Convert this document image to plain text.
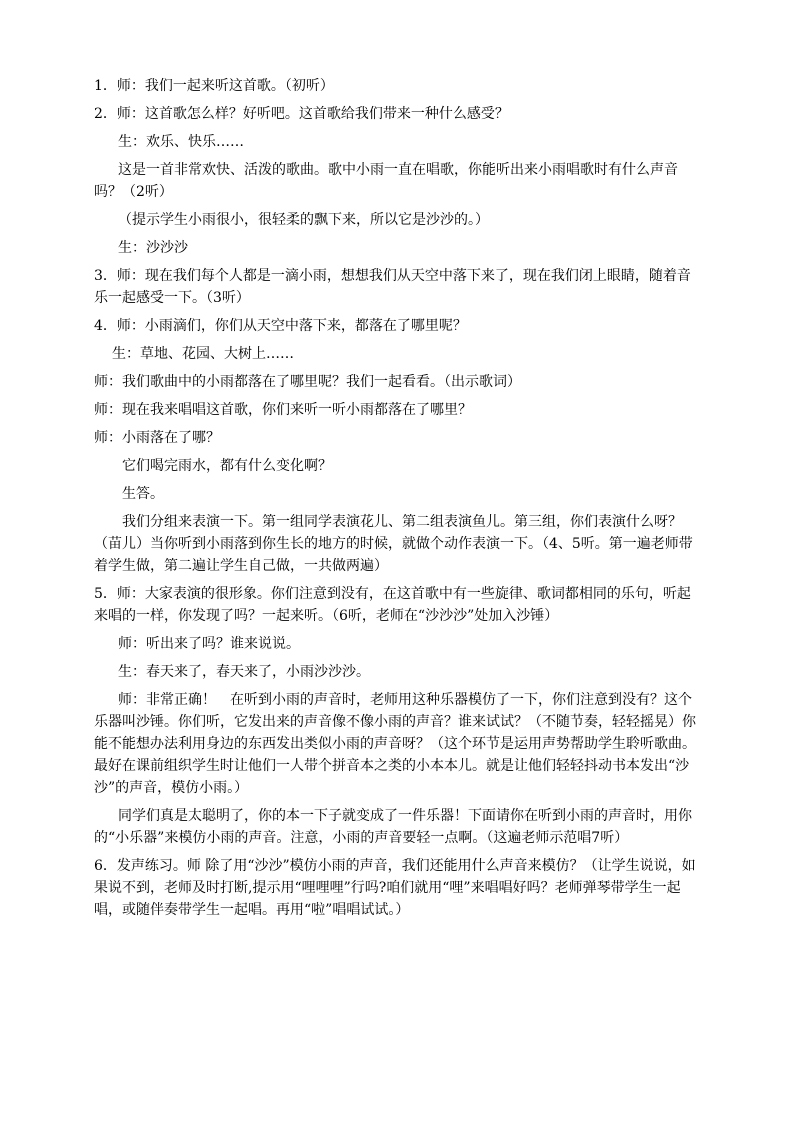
1．师：我们一起来听这首歌。（初听）

2．师：这首歌怎么样？好听吧。这首歌给我们带来一种什么感受？

生：欢乐、快乐……

这是一首非常欢快、活泼的歌曲。歌中小雨一直在唱歌，你能听出来小雨唱歌时有什么声音吗？（2听）

（提示学生小雨很小，很轻柔的飘下来，所以它是沙沙的。）

生：沙沙沙

3．师：现在我们每个人都是一滴小雨，想想我们从天空中落下来了，现在我们闭上眼睛，随着音乐一起感受一下。（3听）

4．师：小雨滴们，你们从天空中落下来，都落在了哪里呢？

生：草地、花园、大树上……

师：我们歌曲中的小雨都落在了哪里呢？我们一起看看。（出示歌词）

师：现在我来唱唱这首歌，你们来听一听小雨都落在了哪里？

师：小雨落在了哪？

它们喝完雨水，都有什么变化啊？

生答。

我们分组来表演一下。第一组同学表演花儿、第二组表演鱼儿。第三组，你们表演什么呀？（苗儿）当你听到小雨落到你生长的地方的时候，就做个动作表演一下。（4、5听。第一遍老师带着学生做，第二遍让学生自己做，一共做两遍）

5．师：大家表演的很形象。你们注意到没有，在这首歌中有一些旋律、歌词都相同的乐句，听起来唱的一样，你发现了吗？一起来听。（6听，老师在“沙沙沙”处加入沙锤）

师：听出来了吗？谁来说说。

生：春天来了，春天来了，小雨沙沙沙。

师：非常正确！　在听到小雨的声音时，老师用这种乐器模仿了一下，你们注意到没有？这个乐器叫沙锤。你们听，它发出来的声音像不像小雨的声音？谁来试试？（不随节奏，轻轻摇晃）你能不能想办法利用身边的东西发出类似小雨的声音呀？（这个环节是运用声势帮助学生聆听歌曲。最好在课前组织学生时让他们一人带个拼音本之类的小本本儿。就是让他们轻轻抖动书本发出“沙沙”的声音，模仿小雨。）

同学们真是太聪明了，你的本一下子就变成了一件乐器！下面请你在听到小雨的声音时，用你的“小乐器”来模仿小雨的声音。注意，小雨的声音要轻一点啊。（这遍老师示范唱7听）

6．发声练习。师 除了用“沙沙”模仿小雨的声音，我们还能用什么声音来模仿？（让学生说说，如果说不到，老师及时打断,提示用“哩哩哩”行吗?咱们就用“哩”来唱唱好吗？老师弹琴带学生一起唱，或随伴奏带学生一起唱。再用“啦”唱唱试试。）
